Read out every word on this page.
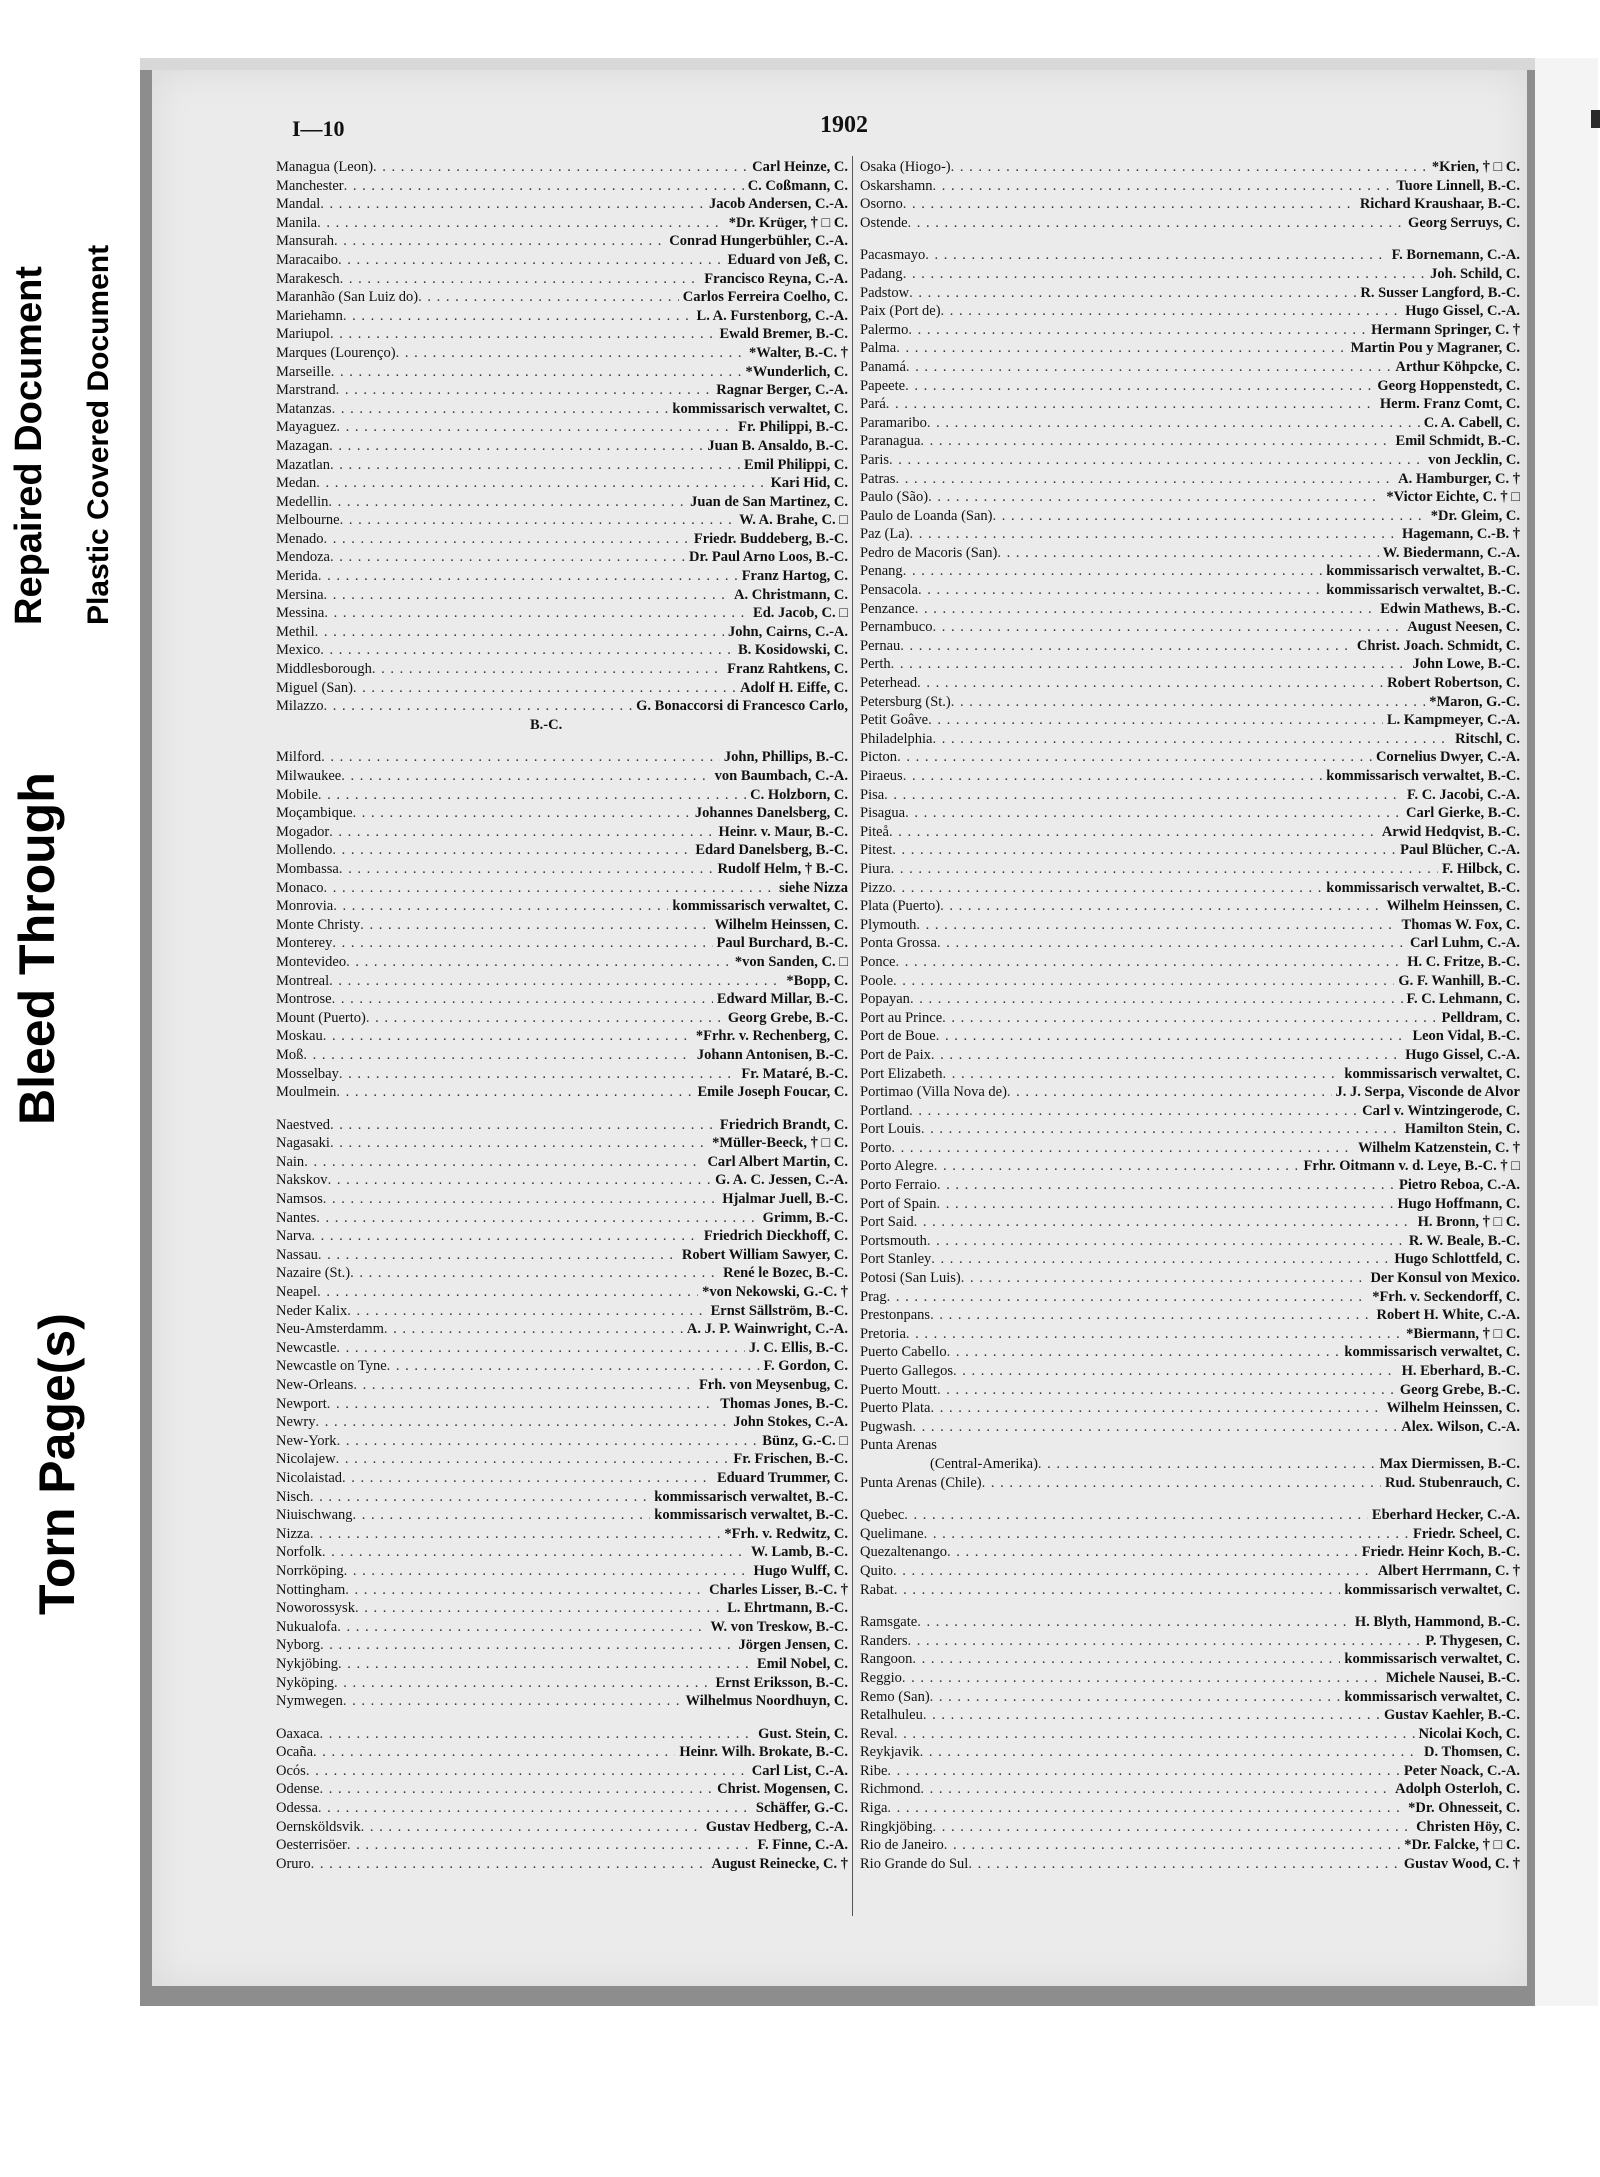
Torn Page(s)
Bleed Through
Repaired Document Plastic Covered Document
I—10	1902
Managua (Leon) . . .	Carl Heinze, C.
Manchester . . .	C. Coßmann, C.
Mandal . . .	Jacob Andersen, C.-A.
Manila . . .	*Dr. Krüger, † □ C.
Mansurah . . .	Conrad Hungerbühler, C.-A.
Maracaibo . . .	Eduard von Jeß, C.
Marakesch . . .	Francisco Reyna, C.-A.
Maranhão (San Luiz do) . . .	Carlos Ferreira Coelho, C.
Mariehamn . . .	L. A. Furstenborg, C.-A.
Mariupol . . .	Ewald Bremer, B.-C.
Marques (Lourenço) . . .	*Walter, B.-C. †
Marseille . . .	*Wunderlich, C.
Marstrand . . .	Ragnar Berger, C.-A.
Matanzas . . .	kommissarisch verwaltet, C.
Mayaguez . . .	Fr. Philippi, B.-C.
Mazagan . . .	Juan B. Ansaldo, B.-C.
Mazatlan . . .	Emil Philippi, C.
Medan . . .	Kari Hid, C.
Medellin . . .	Juan de San Martinez, C.
Melbourne . . .	W. A. Brahe, C. □
Menado . . .	Friedr. Buddeberg, B.-C.
Mendoza . . .	Dr. Paul Arno Loos, B.-C.
Merida . . .	Franz Hartog, C.
Mersina . . .	A. Christmann, C.
Messina . . .	Ed. Jacob, C. □
Methil . . .	John, Cairns, C.-A.
Mexico . . .	B. Kosidowski, C.
Middlesborough . . .	Franz Rahtkens, C.
Miguel (San) . . .	Adolf H. Eiffe, C.
Milazzo . . .	G. Bonaccorsi di Francesco Carlo,
B.-C.
Milford . . .	John, Phillips, B.-C.
Milwaukee . . .	von Baumbach, C.-A.
Mobile . . .	C. Holzborn, C.
Moçambique . . .	Johannes Danelsberg, C.
Mogador . . .	Heinr. v. Maur, B.-C.
Mollendo . . .	Edard Danelsberg, B.-C.
Mombassa . . .	Rudolf Helm, † B.-C.
Monaco . . .	siehe Nizza
Monrovia . . .	kommissarisch verwaltet, C.
Monte Christy . . .	Wilhelm Heinssen, C.
Monterey . . .	Paul Burchard, B.-C.
Montevideo . . .	*von Sanden, C. □
Montreal . . .	*Bopp, C.
Montrose . . .	Edward Millar, B.-C.
Mount (Puerto) . . .	Georg Grebe, B.-C.
Moskau . . .	*Frhr. v. Rechenberg, C.
Moß . . .	Johann Antonisen, B.-C.
Mosselbay . . .	Fr. Mataré, B.-C.
Moulmein . . .	Emile Joseph Foucar, C.
Naestved . . .	Friedrich Brandt, C.
Nagasaki . . .	*Müller-Beeck, † □ C.
Nain . . .	Carl Albert Martin, C.
Nakskov . . .	G. A. C. Jessen, C.-A.
Namsos . . .	Hjalmar Juell, B.-C.
Nantes . . .	Grimm, B.-C.
Narva . . .	Friedrich Dieckhoff, C.
Nassau . . .	Robert William Sawyer, C.
Nazaire (St.) . . .	René le Bozec, B.-C.
Neapel . . .	*von Nekowski, G.-C. †
Neder Kalix . . .	Ernst Sällström, B.-C.
Neu-Amsterdamm . . .	A. J. P. Wainwright, C.-A.
Newcastle . . .	J. C. Ellis, B.-C.
Newcastle on Tyne . . .	F. Gordon, C.
New-Orleans . . .	Frh. von Meysenbug, C.
Newport . . .	Thomas Jones, B.-C.
Newry . . .	John Stokes, C.-A.
New-York . . .	Bünz, G.-C. □
Nicolajew . . .	Fr. Frischen, B.-C.
Nicolaistad . . .	Eduard Trummer, C.
Nisch . . .	kommissarisch verwaltet, B.-C.
Niuischwang . . .	kommissarisch verwaltet, B.-C.
Nizza . . .	*Frh. v. Redwitz, C.
Norfolk . . .	W. Lamb, B.-C.
Norrköping . . .	Hugo Wulff, C.
Nottingham . . .	Charles Lisser, B.-C. †
Noworossysk . . .	L. Ehrtmann, B.-C.
Nukualofa . . .	W. von Treskow, B.-C.
Nyborg . . .	Jörgen Jensen, C.
Nykjöbing . . .	Emil Nobel, C.
Nyköping . . .	Ernst Eriksson, B.-C.
Nymwegen . . .	Wilhelmus Noordhuyn, C.
Oaxaca . . .	Gust. Stein, C.
Ocaña . . .	Heinr. Wilh. Brokate, B.-C.
Ocós . . .	Carl List, C.-A.
Odense . . .	Christ. Mogensen, C.
Odessa . . .	Schäffer, G.-C.
Oernsköldsvik . . .	Gustav Hedberg, C.-A.
Oesterrisöer . . .	F. Finne, C.-A.
Oruro . . .	August Reinecke, C. †
Osaka (Hiogo-) . . .	*Krien, † □ C.
Oskarshamn . . .	Tuore Linnell, B.-C.
Osorno . . .	Richard Kraushaar, B.-C.
Ostende . . .	Georg Serruys, C.
Pacasmayo . . .	F. Bornemann, C.-A.
Padang . . .	Joh. Schild, C.
Padstow . . .	R. Susser Langford, B.-C.
Paix (Port de) . . .	Hugo Gissel, C.-A.
Palermo . . .	Hermann Springer, C. †
Palma . . .	Martin Pou y Magraner, C.
Panamá . . .	Arthur Köhpcke, C.
Papeete . . .	Georg Hoppenstedt, C.
Pará . . .	Herm. Franz Comt, C.
Paramaribo . . .	C. A. Cabell, C.
Paranagua . . .	Emil Schmidt, B.-C.
Paris . . .	von Jecklin, C.
Patras . . .	A. Hamburger, C. †
Paulo (São) . . .	*Victor Eichte, C. † □
Paulo de Loanda (San) . . .	*Dr. Gleim, C.
Paz (La) . . .	Hagemann, C.-B. †
Pedro de Macoris (San) . . .	W. Biedermann, C.-A.
Penang . . .	kommissarisch verwaltet, B.-C.
Pensacola . . .	kommissarisch verwaltet, B.-C.
Penzance . . .	Edwin Mathews, B.-C.
Pernambuco . . .	August Neesen, C.
Pernau . . .	Christ. Joach. Schmidt, C.
Perth . . .	John Lowe, B.-C.
Peterhead . . .	Robert Robertson, C.
Petersburg (St.) . . .	*Maron, G.-C.
Petit Goâve . . .	L. Kampmeyer, C.-A.
Philadelphia . . .	Ritschl, C.
Picton . . .	Cornelius Dwyer, C.-A.
Piraeus . . .	kommissarisch verwaltet, B.-C.
Pisa . . .	F. C. Jacobi, C.-A.
Pisagua . . .	Carl Gierke, B.-C.
Piteå . . .	Arwid Hedqvist, B.-C.
Pitest . . .	Paul Blücher, C.-A.
Piura . . .	F. Hilbck, C.
Pizzo . . .	kommissarisch verwaltet, B.-C.
Plata (Puerto) . . .	Wilhelm Heinssen, C.
Plymouth . . .	Thomas W. Fox, C.
Ponta Grossa . . .	Carl Luhm, C.-A.
Ponce . . .	H. C. Fritze, B.-C.
Poole . . .	G. F. Wanhill, B.-C.
Popayan . . .	F. C. Lehmann, C.
Port au Prince . . .	Pelldram, C.
Port de Boue . . .	Leon Vidal, B.-C.
Port de Paix . . .	Hugo Gissel, C.-A.
Port Elizabeth . . .	kommissarisch verwaltet, C.
Portimao (Villa Nova de) . . .	J. J. Serpa, Visconde de Alvor
Portland . . .	Carl v. Wintzingerode, C.
Port Louis . . .	Hamilton Stein, C.
Porto . . .	Wilhelm Katzenstein, C. †
Porto Alegre . . .	Frhr. Oitmann v. d. Leye, B.-C. † □
Porto Ferraio . . .	Pietro Reboa, C.-A.
Port of Spain . . .	Hugo Hoffmann, C.
Port Said . . .	H. Bronn, † □ C.
Portsmouth . . .	R. W. Beale, B.-C.
Port Stanley . . .	Hugo Schlottfeld, C.
Potosi (San Luis) . . .	Der Konsul von Mexico.
Prag . . .	*Frh. v. Seckendorff, C.
Prestonpans . . .	Robert H. White, C.-A.
Pretoria . . .	*Biermann, † □ C.
Puerto Cabello . . .	kommissarisch verwaltet, C.
Puerto Gallegos . . .	H. Eberhard, B.-C.
Puerto Moutt . . .	Georg Grebe, B.-C.
Puerto Plata . . .	Wilhelm Heinssen, C.
Pugwash . . .	Alex. Wilson, C.-A.
Punta Arenas
(Central-Amerika) . . .	Max Diermissen, B.-C.
Punta Arenas (Chile) . . .	Rud. Stubenrauch, C.
Quebec . . .	Eberhard Hecker, C.-A.
Quelimane . . .	Friedr. Scheel, C.
Quezaltenango . . .	Friedr. Heinr Koch, B.-C.
Quito . . .	Albert Herrmann, C. †
Rabat . . .	kommissarisch verwaltet, C.
Ramsgate . . .	H. Blyth, Hammond, B.-C.
Randers . . .	P. Thygesen, C.
Rangoon . . .	kommissarisch verwaltet, C.
Reggio . . .	Michele Nausei, B.-C.
Remo (San) . . .	kommissarisch verwaltet, C.
Retalhuleu . . .	Gustav Kaehler, B.-C.
Reval . . .	Nicolai Koch, C.
Reykjavik . . .	D. Thomsen, C.
Ribe . . .	Peter Noack, C.-A.
Richmond . . .	Adolph Osterloh, C.
Riga . . .	*Dr. Ohnesseit, C.
Ringkjöbing . . .	Christen Höy, C.
Rio de Janeiro . . .	*Dr. Falcke, † □ C.
Rio Grande do Sul . . .	Gustav Wood, C. †
